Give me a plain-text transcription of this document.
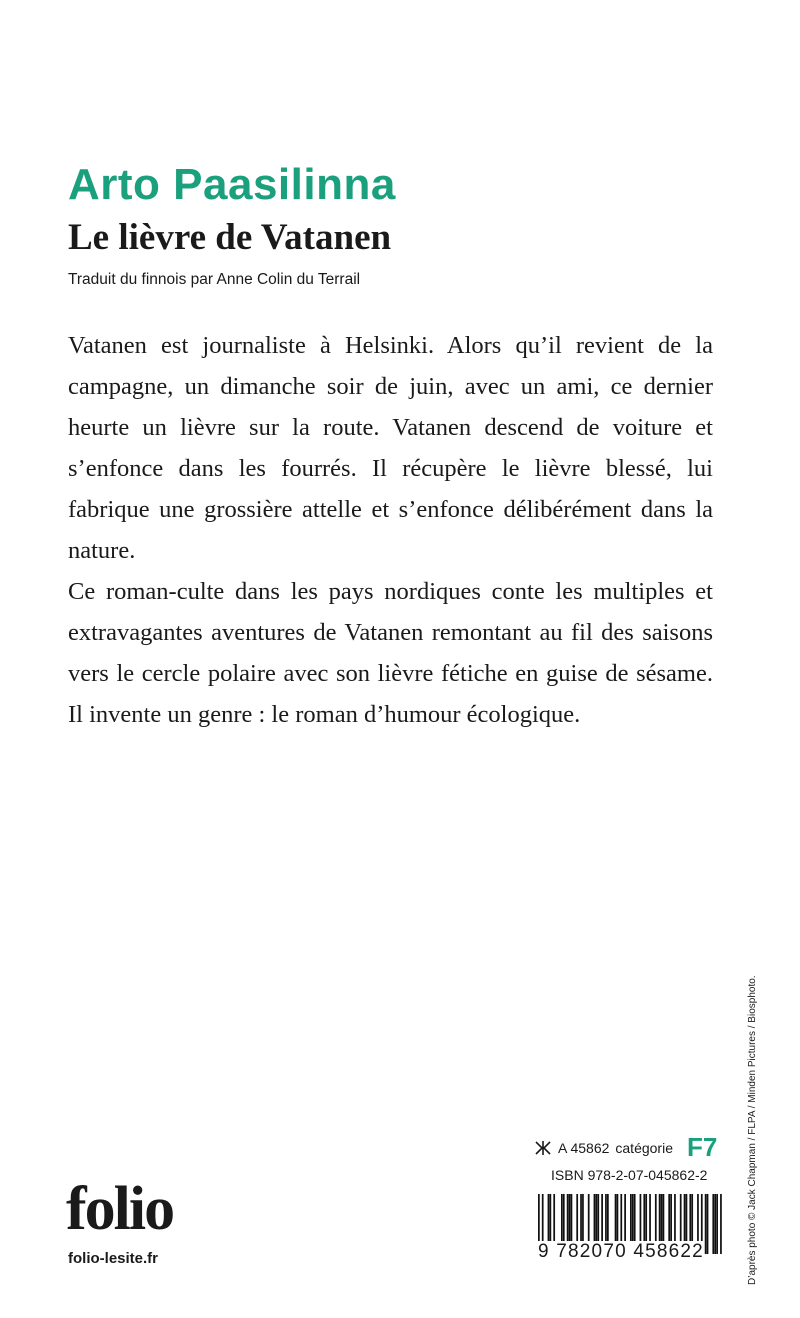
Arto Paasilinna
Le lièvre de Vatanen

Traduit du finnois par Anne Colin du Terrail

Vatanen est journaliste à Helsinki. Alors qu’il revient de la campagne, un dimanche soir de juin, avec un ami, ce dernier heurte un lièvre sur la route. Vatanen descend de voiture et s’enfonce dans les fourrés. Il récupère le lièvre blessé, lui fabrique une grossière attelle et s’enfonce délibérément dans la nature.

Ce roman-culte dans les pays nordiques conte les multiples et extravagantes aventures de Vatanen remontant au fil des saisons vers le cercle polaire avec son lièvre fétiche en guise de sésame. Il invente un genre : le roman d’humour écologique.

D’après photo © Jack Chapman / FLPA / Minden Pictures / Biosphoto.
A 45862 catégorie F7
ISBN 978-2-07-045862-2
9 782070 458622
folio
folio-lesite.fr
